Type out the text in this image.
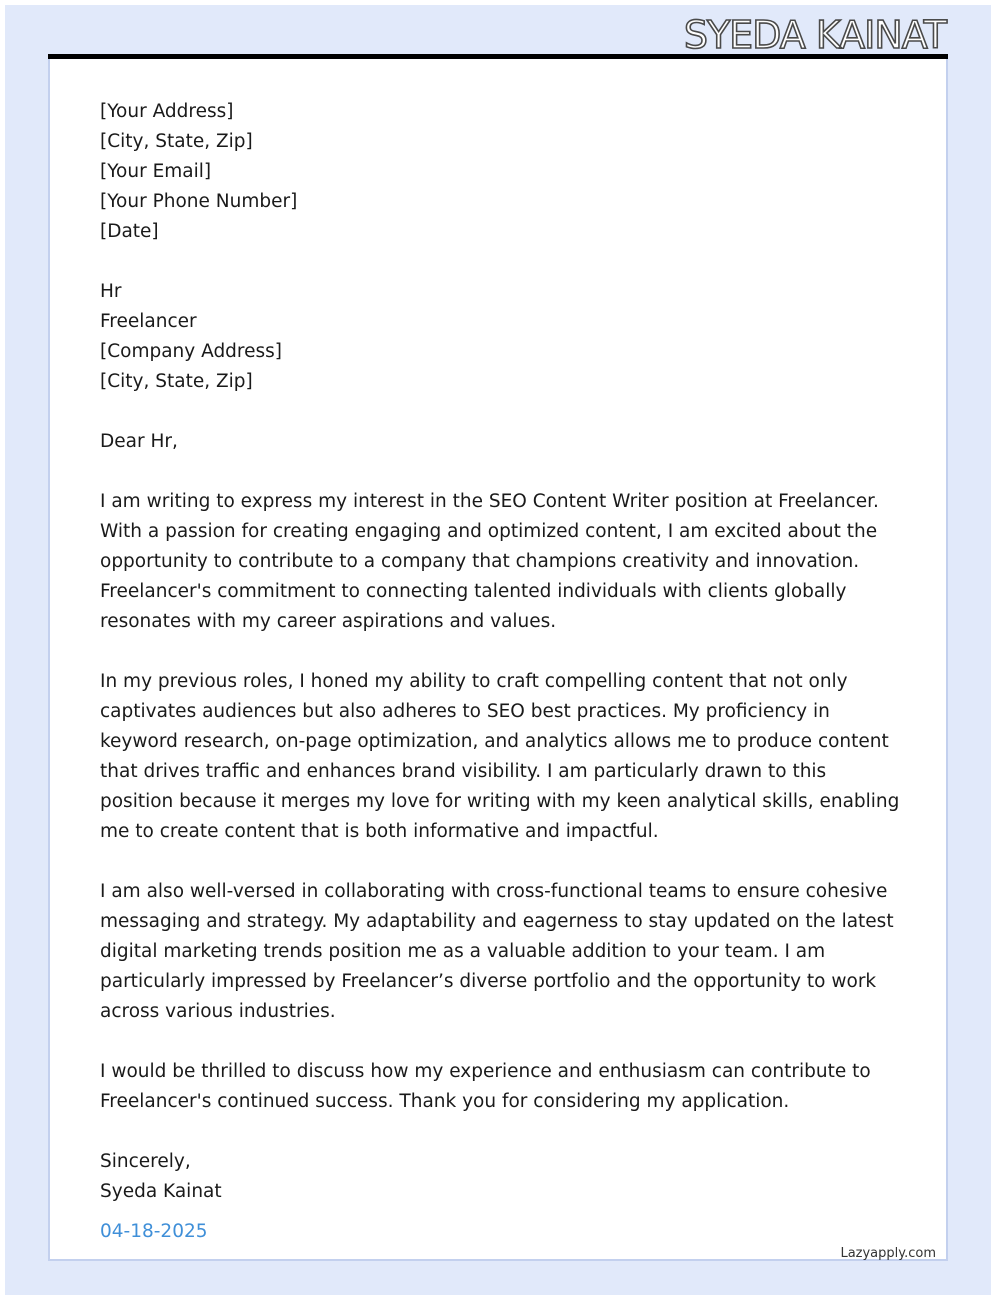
SYEDA KAINAT
[Your Address]
[City, State, Zip]
[Your Email]
[Your Phone Number]
[Date]
Hr
Freelancer
[Company Address]
[City, State, Zip]
Dear Hr,

I am writing to express my interest in the SEO Content Writer position at Freelancer. With a passion for creating engaging and optimized content, I am excited about the opportunity to contribute to a company that champions creativity and innovation. Freelancer's commitment to connecting talented individuals with clients globally resonates with my career aspirations and values.

In my previous roles, I honed my ability to craft compelling content that not only captivates audiences but also adheres to SEO best practices. My proficiency in keyword research, on-page optimization, and analytics allows me to produce content that drives traffic and enhances brand visibility. I am particularly drawn to this position because it merges my love for writing with my keen analytical skills, enabling me to create content that is both informative and impactful.

I am also well-versed in collaborating with cross-functional teams to ensure cohesive messaging and strategy. My adaptability and eagerness to stay updated on the latest digital marketing trends position me as a valuable addition to your team. I am particularly impressed by Freelancer’s diverse portfolio and the opportunity to work across various industries.

I would be thrilled to discuss how my experience and enthusiasm can contribute to Freelancer's continued success. Thank you for considering my application.

Sincerely,
Syeda Kainat
04-18-2025
Lazyapply.com
